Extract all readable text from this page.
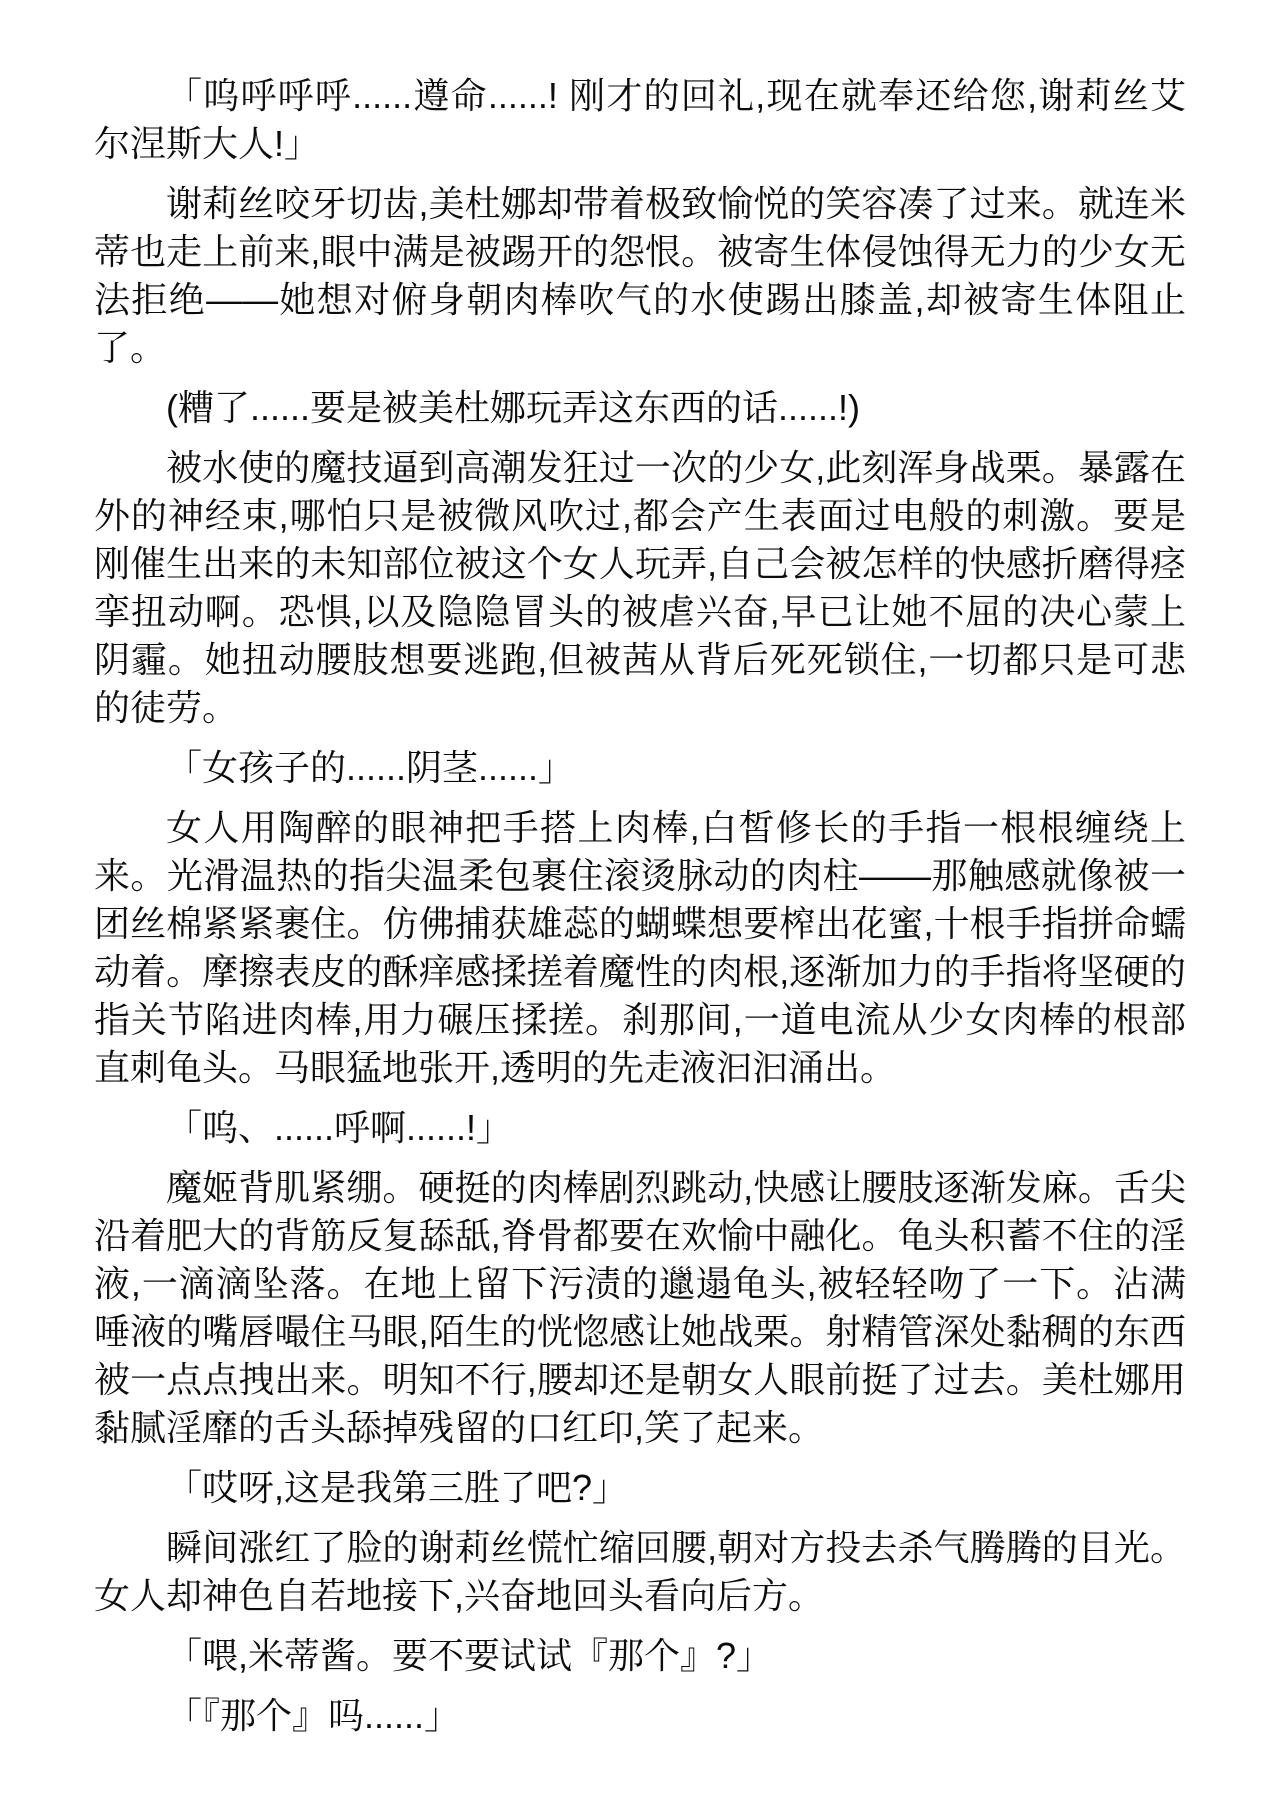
「呜呼呼呼......遵命......! 刚才的回礼,现在就奉还给您,谢莉丝艾尔涅斯大人!」

谢莉丝咬牙切齿,美杜娜却带着极致愉悦的笑容凑了过来。就连米蒂也走上前来,眼中满是被踢开的怨恨。被寄生体侵蚀得无力的少女无法拒绝——她想对俯身朝肉棒吹气的水使踢出膝盖,却被寄生体阻止了。

(糟了......要是被美杜娜玩弄这东西的话......!)

被水使的魔技逼到高潮发狂过一次的少女,此刻浑身战栗。暴露在外的神经束,哪怕只是被微风吹过,都会产生表面过电般的刺激。要是刚催生出来的未知部位被这个女人玩弄,自己会被怎样的快感折磨得痉挛扭动啊。恐惧,以及隐隐冒头的被虐兴奋,早已让她不屈的决心蒙上阴霾。她扭动腰肢想要逃跑,但被茜从背后死死锁住,一切都只是可悲的徒劳。

「女孩子的......阴茎......」

女人用陶醉的眼神把手搭上肉棒,白皙修长的手指一根根缠绕上来。光滑温热的指尖温柔包裹住滚烫脉动的肉柱——那触感就像被一团丝棉紧紧裹住。仿佛捕获雄蕊的蝴蝶想要榨出花蜜,十根手指拼命蠕动着。摩擦表皮的酥痒感揉搓着魔性的肉根,逐渐加力的手指将坚硬的指关节陷进肉棒,用力碾压揉搓。刹那间,一道电流从少女肉棒的根部直刺龟头。马眼猛地张开,透明的先走液汩汩涌出。

「呜、......呼啊......!」

魔姬背肌紧绷。硬挺的肉棒剧烈跳动,快感让腰肢逐渐发麻。舌尖沿着肥大的背筋反复舔舐,脊骨都要在欢愉中融化。龟头积蓄不住的淫液,一滴滴坠落。在地上留下污渍的邋遢龟头,被轻轻吻了一下。沾满唾液的嘴唇嘬住马眼,陌生的恍惚感让她战栗。射精管深处黏稠的东西被一点点拽出来。明知不行,腰却还是朝女人眼前挺了过去。美杜娜用黏腻淫靡的舌头舔掉残留的口红印,笑了起来。

「哎呀,这是我第三胜了吧?」

瞬间涨红了脸的谢莉丝慌忙缩回腰,朝对方投去杀气腾腾的目光。女人却神色自若地接下,兴奋地回头看向后方。

「喂,米蒂酱。要不要试试『那个』?」

「『那个』吗......」
